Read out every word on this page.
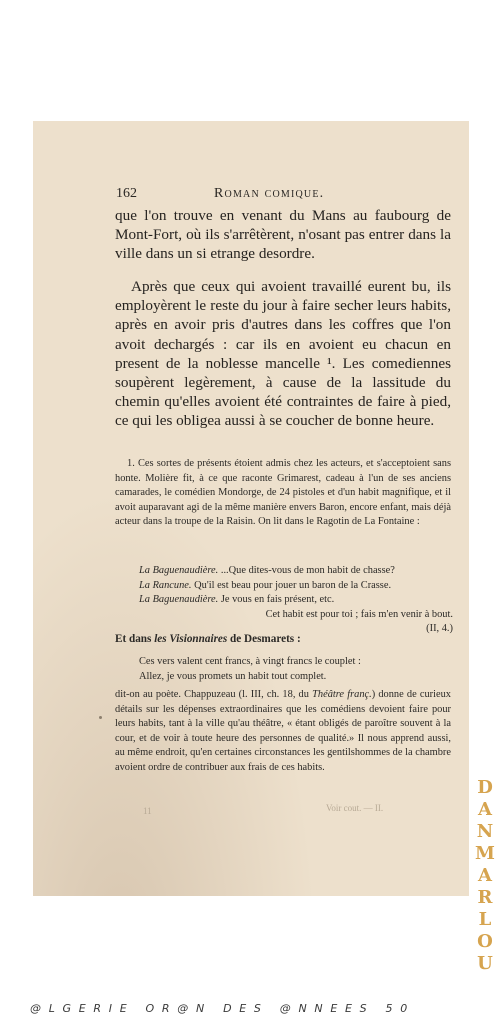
162	Roman comique.

que l'on trouve en venant du Mans au faubourg de Mont-Fort, où ils s'arrêtèrent, n'osant pas entrer dans la ville dans un si etrange desordre.

Après que ceux qui avoient travaillé eurent bu, ils employèrent le reste du jour à faire secher leurs habits, après en avoir pris d'autres dans les coffres que l'on avoit dechargés : car ils en avoient eu chacun en present de la noblesse mancelle ¹. Les comediennes soupèrent legèrement, à cause de la lassitude du chemin qu'elles avoient été contraintes de faire à pied, ce qui les obligea aussi à se coucher de bonne heure.

1. Ces sortes de présents étoient admis chez les acteurs, et s'acceptoient sans honte. Molière fit, à ce que raconte Grimarest, cadeau à l'un de ses anciens camarades, le comédien Mondorge, de 24 pistoles et d'un habit magnifique, et il avoit auparavant agi de la même manière envers Baron, encore enfant, mais déjà acteur dans la troupe de la Raisin. On lit dans le Ragotin de La Fontaine :

La Baguenaudière. ...Que dites-vous de mon habit de chasse?
La Rancune. Qu'il est beau pour jouer un baron de la Crasse.
La Baguenaudière. Je vous en fais présent, etc.
Cet habit est pour toi ; fais m'en venir à bout.
(II, 4.)
Et dans les Visionnaires de Desmarets :
Ces vers valent cent francs, à vingt francs le couplet :
Allez, je vous promets un habit tout complet.

dit-on au poète. Chappuzeau (l. III, ch. 18, du Théâtre franç.) donne de curieux détails sur les dépenses extraordinaires que les comédiens devoient faire pour leurs habits, tant à la ville qu'au théâtre, « étant obligés de paroître souvent à la cour, et de voir à toute heure des personnes de qualité.» Il nous apprend aussi, au même endroit, qu'en certaines circonstances les gentilshommes de la chambre avoient ordre de contribuer aux frais de ces habits.

11	Voir cout. — II.
DANMARLOU
@LGERIE OR@N DES @NNEES 50
